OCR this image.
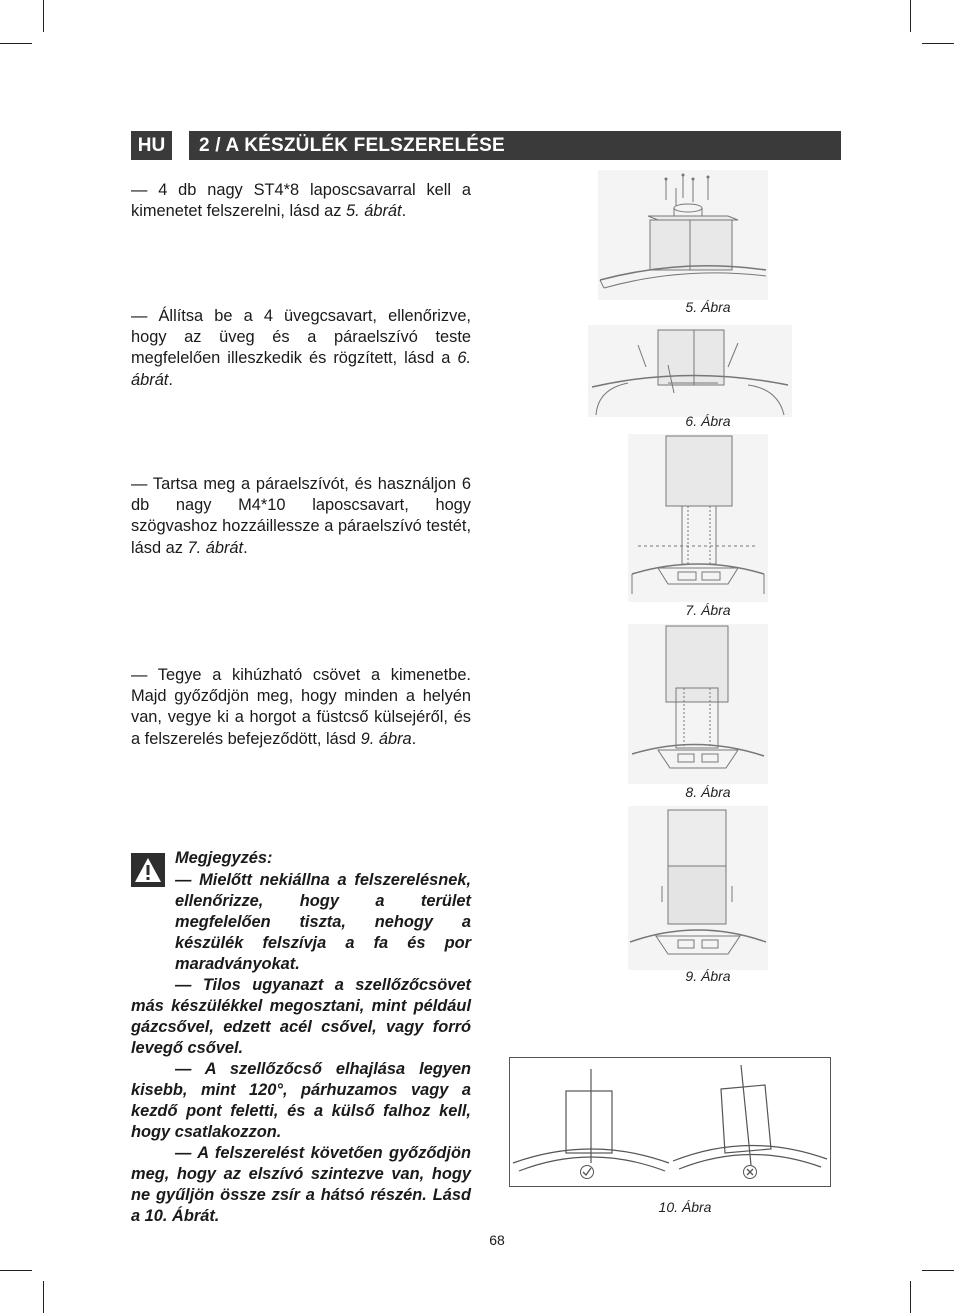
HU	2 / A KÉSZÜLÉK FELSZERELÉSE
— 4 db nagy ST4*8 laposcsavarral kell a kimenetet felszerelni, lásd az 5. ábrát.
— Állítsa be a 4 üvegcsavart, ellenőrizve, hogy az üveg és a páraelszívó teste megfelelően illeszkedik és rögzített, lásd a 6. ábrát.
— Tartsa meg a páraelszívót, és használjon 6 db nagy M4*10 laposcsavart, hogy szögvashoz hozzáillessze a páraelszívó testét, lásd az 7. ábrát.
— Tegye a kihúzható csövet a kimenetbe. Majd győződjön meg, hogy minden a helyén van, vegye ki a horgot a füstcső külsejéről, és a felszerelés befejeződött, lásd 9. ábra.
Megjegyzés:

— Mielőtt nekiállna a felszerelésnek, ellenőrizze, hogy a terület megfelelően tiszta, nehogy a készülék felszívja a fa és por maradványokat.

— Tilos ugyanazt a szellőzőcsövet más készülékkel megosztani, mint például gázcsővel, edzett acél csővel, vagy forró levegő csővel.

— A szellőzőcső elhajlása legyen kisebb, mint 120°, párhuzamos vagy a kezdő pont feletti, és a külső falhoz kell, hogy csatlakozzon.

— A felszerelést követően győződjön meg, hogy az elszívó szintezve van, hogy ne gyűljön össze zsír a hátsó részén. Lásd a 10. Ábrát.

5. Ábra
6. Ábra
7. Ábra
8. Ábra
9. Ábra
10. Ábra
68
